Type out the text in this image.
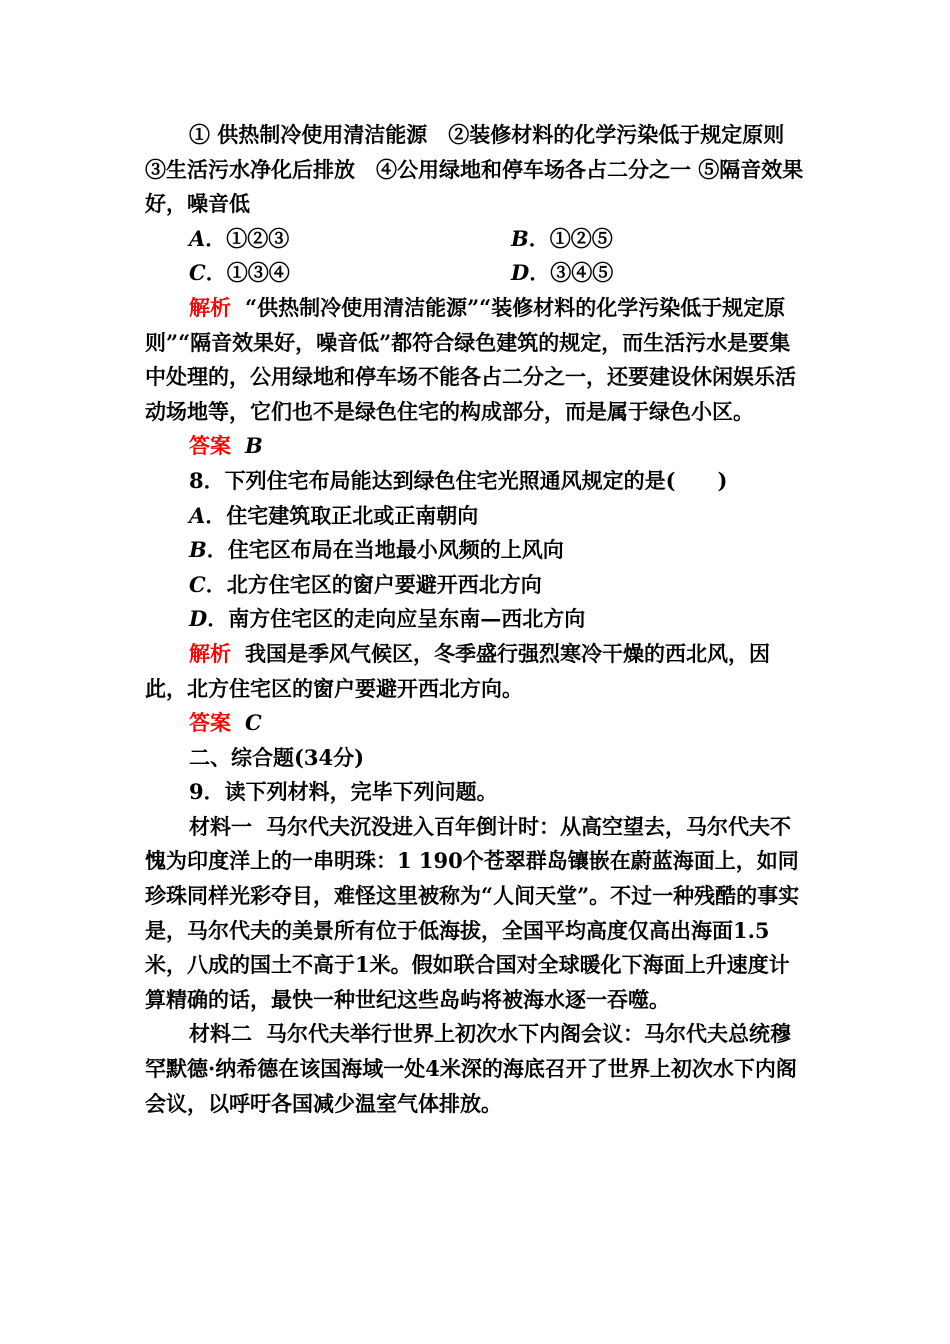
① 供热制冷使用清洁能源　②装修材料的化学污染低于规定原则　③生活污水净化后排放　④公用绿地和停车场各占二分之一 ⑤隔音效果好，噪音低

A．①②③	B．①②⑤
C．①③④	D．③④⑤

解析 “供热制冷使用清洁能源”“装修材料的化学污染低于规定原则”“隔音效果好，噪音低”都符合绿色建筑的规定，而生活污水是要集中处理的，公用绿地和停车场不能各占二分之一，还要建设休闲娱乐活动场地等，它们也不是绿色住宅的构成部分，而是属于绿色小区。

答案 B

8．下列住宅布局能达到绿色住宅光照通风规定的是(　　)

A．住宅建筑取正北或正南朝向

B．住宅区布局在当地最小风频的上风向

C．北方住宅区的窗户要避开西北方向

D．南方住宅区的走向应呈东南—西北方向

解析 我国是季风气候区，冬季盛行强烈寒冷干燥的西北风，因此，北方住宅区的窗户要避开西北方向。

答案 C

二、综合题(34分)

9．读下列材料，完毕下列问题。

材料一 马尔代夫沉没进入百年倒计时：从高空望去，马尔代夫不愧为印度洋上的一串明珠：1 190个苍翠群岛镶嵌在蔚蓝海面上，如同珍珠同样光彩夺目，难怪这里被称为“人间天堂”。不过一种残酷的事实是，马尔代夫的美景所有位于低海拔，全国平均高度仅高出海面1.5米，八成的国土不高于1米。假如联合国对全球暖化下海面上升速度计算精确的话，最快一种世纪这些岛屿将被海水逐一吞噬。

材料二 马尔代夫举行世界上初次水下内阁会议：马尔代夫总统穆罕默德·纳希德在该国海域一处4米深的海底召开了世界上初次水下内阁会议，以呼吁各国减少温室气体排放。
